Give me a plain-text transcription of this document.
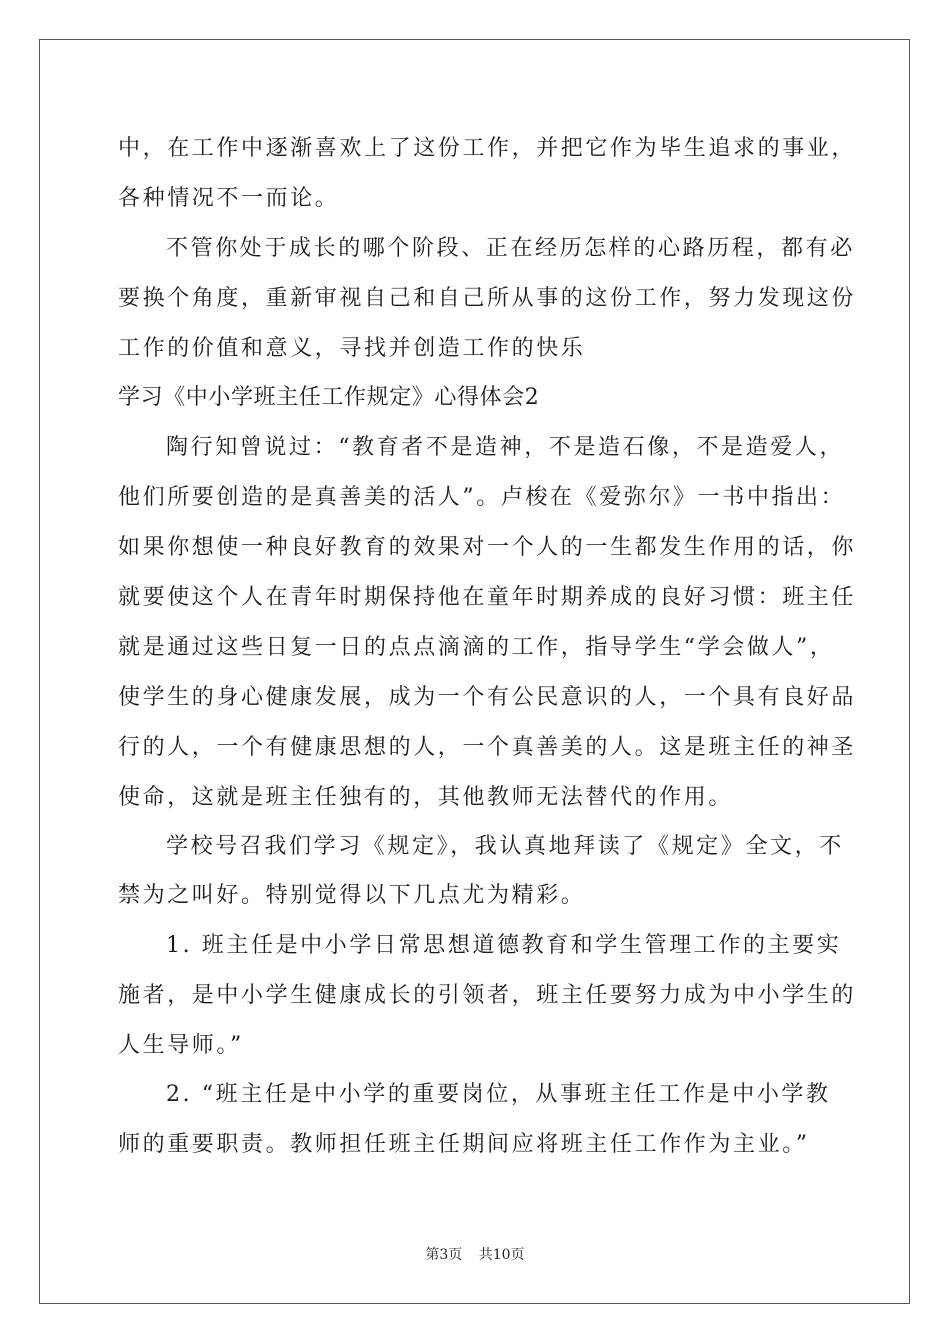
中，在工作中逐渐喜欢上了这份工作，并把它作为毕生追求的事业，
各种情况不一而论。
不管你处于成长的哪个阶段、正在经历怎样的心路历程，都有必
要换个角度，重新审视自己和自己所从事的这份工作，努力发现这份
工作的价值和意义，寻找并创造工作的快乐
学习《中小学班主任工作规定》心得体会2
陶行知曾说过：“教育者不是造神，不是造石像，不是造爱人，
他们所要创造的是真善美的活人”。卢梭在《爱弥尔》一书中指出：
如果你想使一种良好教育的效果对一个人的一生都发生作用的话，你
就要使这个人在青年时期保持他在童年时期养成的良好习惯：班主任
就是通过这些日复一日的点点滴滴的工作，指导学生“学会做人”，
使学生的身心健康发展，成为一个有公民意识的人，一个具有良好品
行的人，一个有健康思想的人，一个真善美的人。这是班主任的神圣
使命，这就是班主任独有的，其他教师无法替代的作用。
学校号召我们学习《规定》，我认真地拜读了《规定》全文，不
禁为之叫好。特别觉得以下几点尤为精彩。
1. 班主任是中小学日常思想道德教育和学生管理工作的主要实
施者，是中小学生健康成长的引领者，班主任要努力成为中小学生的
人生导师。”
2. “班主任是中小学的重要岗位，从事班主任工作是中小学教
师的重要职责。教师担任班主任期间应将班主任工作作为主业。”
第3页 共10页
